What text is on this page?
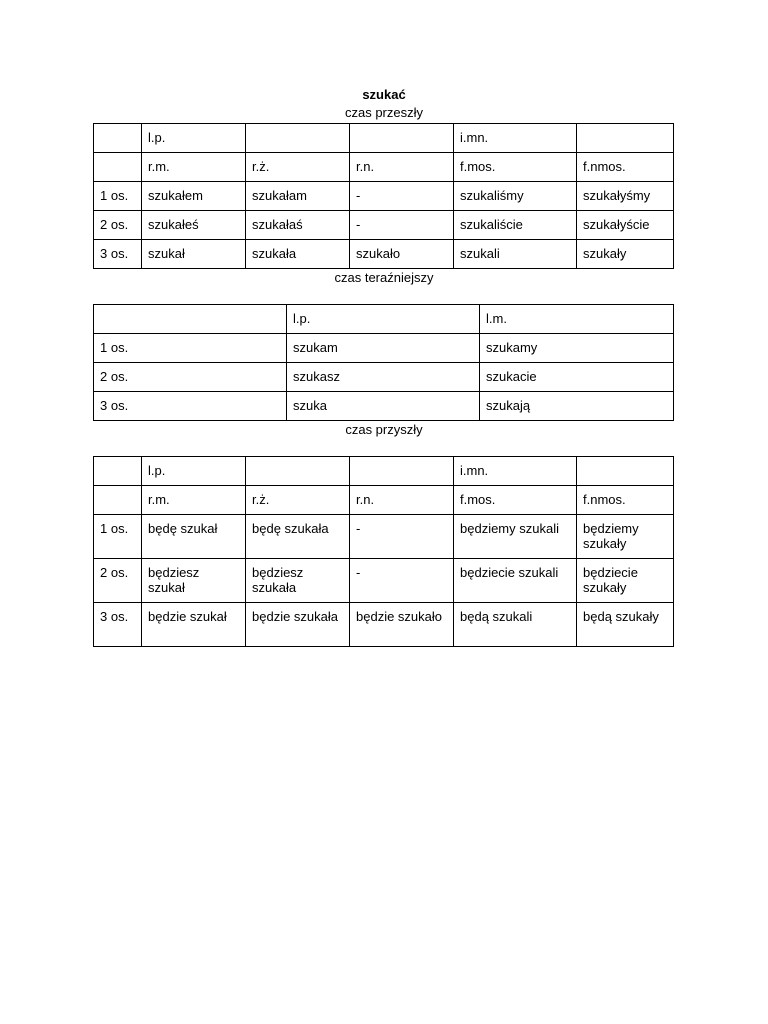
szukać
czas przeszły
	l.p.			i.mn.	
	r.m.	r.ż.	r.n.	f.mos.	f.nmos.
1 os.	szukałem	szukałam	-	szukaliśmy	szukałyśmy
2 os.	szukałeś	szukałaś	-	szukaliście	szukałyście
3 os.	szukał	szukała	szukało	szukali	szukały
czas teraźniejszy
	l.p.	l.m.
1 os.	szukam	szukamy
2 os.	szukasz	szukacie
3 os.	szuka	szukają
czas przyszły
	l.p.			i.mn.	
	r.m.	r.ż.	r.n.	f.mos.	f.nmos.
1 os.	będę szukał	będę szukała	-	będziemy szukali	będziemy szukały
2 os.	będziesz szukał	będziesz szukała	-	będziecie szukali	będziecie szukały
3 os.	będzie szukał	będzie szukała	będzie szukało	będą szukali	będą szukały
